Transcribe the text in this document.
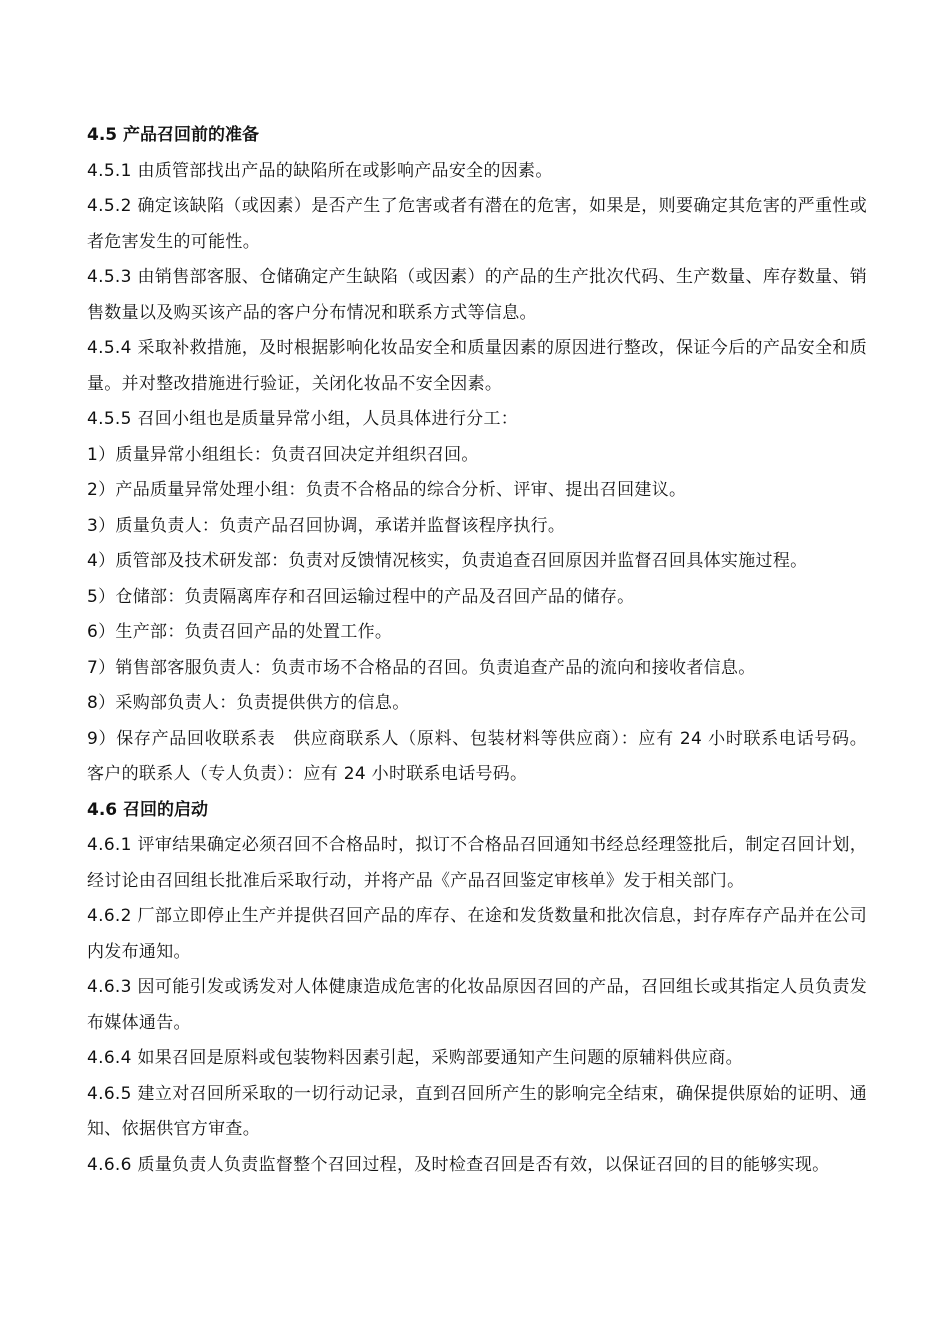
4.5 产品召回前的准备

4.5.1 由质管部找出产品的缺陷所在或影响产品安全的因素。

4.5.2 确定该缺陷（或因素）是否产生了危害或者有潜在的危害，如果是，则要确定其危害的严重性或者危害发生的可能性。

4.5.3 由销售部客服、仓储确定产生缺陷（或因素）的产品的生产批次代码、生产数量、库存数量、销售数量以及购买该产品的客户分布情况和联系方式等信息。

4.5.4 采取补救措施，及时根据影响化妆品安全和质量因素的原因进行整改，保证今后的产品安全和质量。并对整改措施进行验证，关闭化妆品不安全因素。

4.5.5 召回小组也是质量异常小组，人员具体进行分工：

1）质量异常小组组长：负责召回决定并组织召回。

2）产品质量异常处理小组：负责不合格品的综合分析、评审、提出召回建议。

3）质量负责人：负责产品召回协调，承诺并监督该程序执行。

4）质管部及技术研发部：负责对反馈情况核实，负责追查召回原因并监督召回具体实施过程。

5）仓储部：负责隔离库存和召回运输过程中的产品及召回产品的储存。

6）生产部：负责召回产品的处置工作。

7）销售部客服负责人：负责市场不合格品的召回。负责追查产品的流向和接收者信息。

8）采购部负责人：负责提供供方的信息。

9）保存产品回收联系表　供应商联系人（原料、包装材料等供应商）：应有 24 小时联系电话号码。客户的联系人（专人负责）：应有 24 小时联系电话号码。

4.6 召回的启动

4.6.1 评审结果确定必须召回不合格品时，拟订不合格品召回通知书经总经理签批后，制定召回计划，经讨论由召回组长批准后采取行动，并将产品《产品召回鉴定审核单》发于相关部门。

4.6.2 厂部立即停止生产并提供召回产品的库存、在途和发货数量和批次信息，封存库存产品并在公司内发布通知。

4.6.3 因可能引发或诱发对人体健康造成危害的化妆品原因召回的产品，召回组长或其指定人员负责发布媒体通告。

4.6.4 如果召回是原料或包装物料因素引起，采购部要通知产生问题的原辅料供应商。

4.6.5 建立对召回所采取的一切行动记录，直到召回所产生的影响完全结束，确保提供原始的证明、通知、依据供官方审查。

4.6.6 质量负责人负责监督整个召回过程，及时检查召回是否有效，以保证召回的目的能够实现。
